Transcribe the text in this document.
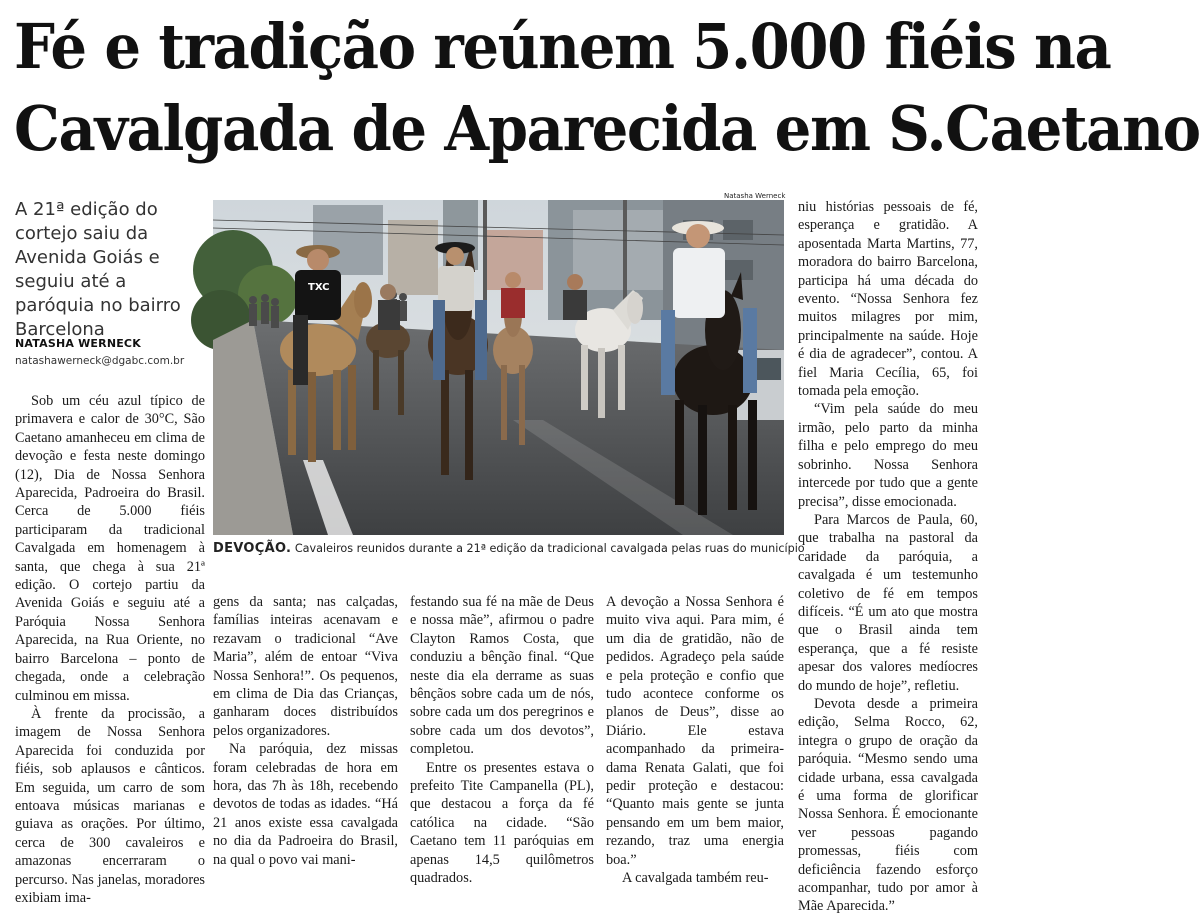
Fé e tradição reúnem 5.000 fiéis na
Cavalgada de Aparecida em S.Caetano

A 21ª edição do cortejo saiu da Avenida Goiás e seguiu até a paróquia no bairro Barcelona

NATASHA WERNECK
natashawerneck@dgabc.com.br

Sob um céu azul típico de primavera e calor de 30°C, São Caetano amanheceu em clima de devoção e festa neste domingo (12), Dia de Nossa Senhora Aparecida, Padroeira do Brasil. Cerca de 5.000 fiéis participaram da tradicional Cavalgada em homenagem à santa, que chega à sua 21ª edição. O cortejo partiu da Avenida Goiás e seguiu até a Paróquia Nossa Senhora Aparecida, na Rua Oriente, no bairro Barcelona – ponto de chegada, onde a celebração culminou em missa.

À frente da procissão, a imagem de Nossa Senhora Aparecida foi conduzida por fiéis, sob aplausos e cânticos. Em seguida, um carro de som entoava músicas marianas e guiava as orações. Por último, cerca de 300 cavaleiros e amazonas encerraram o percurso. Nas janelas, moradores exibiam ima-

Natasha Werneck
TXC
DEVOÇÃO. Cavaleiros reunidos durante a 21ª edição da tradicional cavalgada pelas ruas do município

gens da santa; nas calçadas, famílias inteiras acenavam e rezavam o tradicional “Ave Maria”, além de entoar “Viva Nossa Senhora!”. Os pequenos, em clima de Dia das Crianças, ganharam doces distribuídos pelos organizadores.

Na paróquia, dez missas foram celebradas de hora em hora, das 7h às 18h, recebendo devotos de todas as idades. “Há 21 anos existe essa cavalgada no dia da Padroeira do Brasil, na qual o povo vai mani-

festando sua fé na mãe de Deus e nossa mãe”, afirmou o padre Clayton Ramos Costa, que conduziu a bênção final. “Que neste dia ela derrame as suas bênçãos sobre cada um de nós, sobre cada um dos peregrinos e sobre cada um dos devotos”, completou.

Entre os presentes estava o prefeito Tite Campanella (PL), que destacou a força da fé católica na cidade. “São Caetano tem 11 paróquias em apenas 14,5 quilômetros quadrados.

A devoção a Nossa Senhora é muito viva aqui. Para mim, é um dia de gratidão, não de pedidos. Agradeço pela saúde e pela proteção e confio que tudo acontece conforme os planos de Deus”, disse ao Diário. Ele estava acompanhado da primeira-dama Renata Galati, que foi pedir proteção e destacou: “Quanto mais gente se junta pensando em um bem maior, rezando, traz uma energia boa.”

A cavalgada também reu-

niu histórias pessoais de fé, esperança e gratidão. A aposentada Marta Martins, 77, moradora do bairro Barcelona, participa há uma década do evento. “Nossa Senhora fez muitos milagres por mim, principalmente na saúde. Hoje é dia de agradecer”, contou. A fiel Maria Cecília, 65, foi tomada pela emoção.

“Vim pela saúde do meu irmão, pelo parto da minha filha e pelo emprego do meu sobrinho. Nossa Senhora intercede por tudo que a gente precisa”, disse emocionada.

Para Marcos de Paula, 60, que trabalha na pastoral da caridade da paróquia, a cavalgada é um testemunho coletivo de fé em tempos difíceis. “É um ato que mostra que o Brasil ainda tem esperança, que a fé resiste apesar dos valores medíocres do mundo de hoje”, refletiu.

Devota desde a primeira edição, Selma Rocco, 62, integra o grupo de oração da paróquia. “Mesmo sendo uma cidade urbana, essa cavalgada é uma forma de glorificar Nossa Senhora. É emocionante ver pessoas pagando promessas, fiéis com deficiência fazendo esforço acompanhar, tudo por amor à Mãe Aparecida.”
